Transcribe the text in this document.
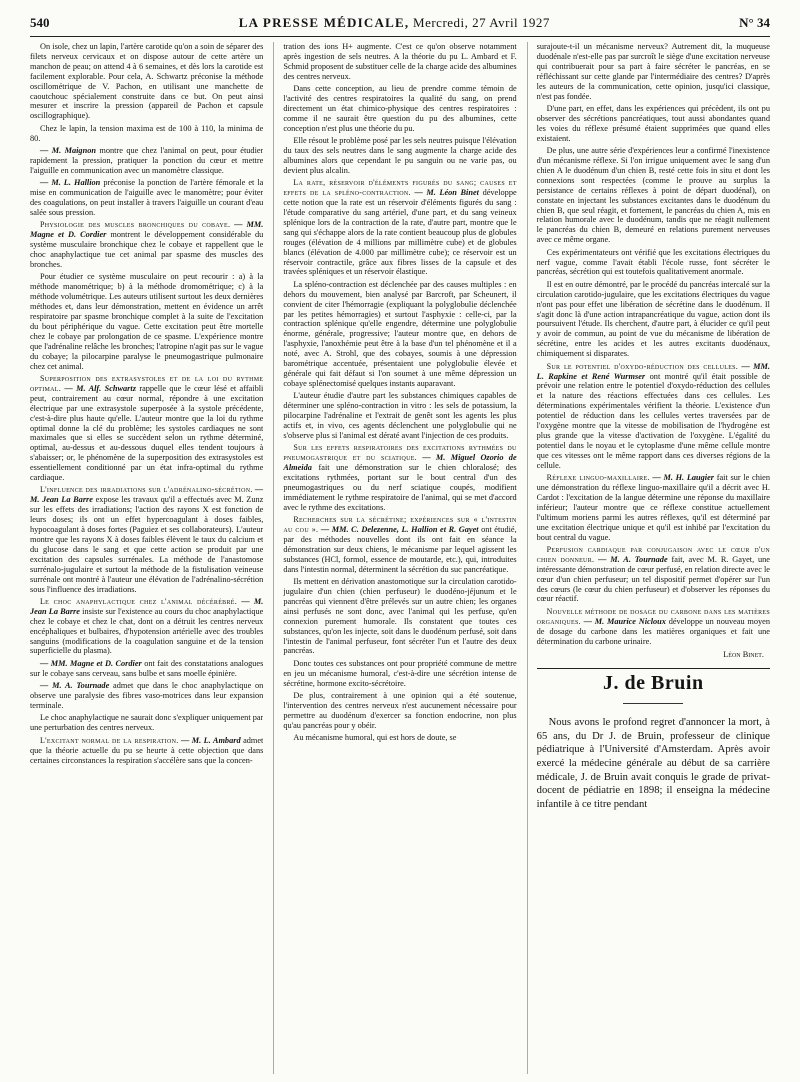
540	LA PRESSE MÉDICALE, Mercredi, 27 Avril 1927	N° 34

On isole, chez un lapin, l'artère carotide qu'on a soin de séparer des filets nerveux cervicaux et on dispose autour de cette artère un manchon de peau; on attend 4 à 6 semaines, et dès lors la carotide est facilement explorable. Pour cela, A. Schwartz préconise la méthode oscillométrique de V. Pachon, en utilisant une manchette de caoutchouc spécialement construite dans ce but. On peut ainsi mesurer et inscrire la pression (appareil de Pachon et capsule oscillographique).

Chez le lapin, la tension maxima est de 100 à 110, la minima de 80.

— M. Maignon montre que chez l'animal on peut, pour étudier rapidement la pression, pratiquer la ponction du cœur et mettre l'aiguille en communication avec un manomètre classique.

— M. L. Hallion préconise la ponction de l'artère fémorale et la mise en communication de l'aiguille avec le manomètre; pour éviter des coagulations, on peut installer à travers l'aiguille un courant d'eau salée sous pression.

Physiologie des muscles bronchiques du cobaye. — MM. Magne et D. Cordier montrent le développement considérable du système musculaire bronchique chez le cobaye et rappellent que le choc anaphylactique tue cet animal par spasme des muscles des bronches.

Pour étudier ce système musculaire on peut recourir : a) à la méthode manométrique; b) à la méthode dromométrique; c) à la méthode volumétrique. Les auteurs utilisent surtout les deux dernières méthodes et, dans leur démonstration, mettent en évidence un arrêt respiratoire par spasme bronchique complet à la suite de l'excitation du bout périphérique du vague. Cette excitation peut être mortelle chez le cobaye par prolongation de ce spasme. L'expérience montre que l'adrénaline relâche les bronches; l'atropine n'agit pas sur le vague du cobaye; la pilocarpine paralyse le pneumogastrique pulmonaire chez cet animal.

Superposition des extrasystoles et de la loi du rythme optimal. — M. Alf. Schwartz rappelle que le cœur lésé et affaibli peut, contrairement au cœur normal, répondre à une excitation électrique par une extrasystole superposée à la systole précédente, c'est-à-dire plus haute qu'elle. L'auteur montre que la loi du rythme optimal donne la clé du problème; les systoles cardiaques ne sont maximales que si elles se succèdent selon un rythme déterminé, optimal, au-dessus et au-dessous duquel elles tendent toujours à s'abaisser; or, le phénomène de la superposition des extrasystoles est essentiellement conditionné par un état infra-optimal du rythme cardiaque.

L'influence des irradiations sur l'adrénalino-sécrétion. — M. Jean La Barre expose les travaux qu'il a effectués avec M. Zunz sur les effets des irradiations; l'action des rayons X est fonction de leurs doses; ils ont un effet hypercoagulant à doses faibles, hypocoagulant à doses fortes (Paguiez et ses collaborateurs). L'auteur montre que les rayons X à doses faibles élèvent le taux du calcium et du glucose dans le sang et que cette action se produit par une excitation des capsules surrénales. La méthode de l'anastomose surrénalo-jugulaire et surtout la méthode de la fistulisation veineuse surrénale ont montré à l'auteur une élévation de l'adrénalino-sécrétion sous l'influence des irradiations.

Le choc anaphylactique chez l'animal décérébré. — M. Jean La Barre insiste sur l'existence au cours du choc anaphylactique chez le cobaye et chez le chat, dont on a détruit les centres nerveux encéphaliques et bulbaires, d'hypotension artérielle avec des troubles sanguins (modifications de la coagulation sanguine et de la tension superficielle du plasma).

— MM. Magne et D. Cordier ont fait des constatations analogues sur le cobaye sans cerveau, sans bulbe et sans moelle épinière.

— M. A. Tournade admet que dans le choc anaphylactique on observe une paralysie des fibres vaso-motrices dans leur expansion terminale.

Le choc anaphylactique ne saurait donc s'expliquer uniquement par une perturbation des centres nerveux.

L'excitant normal de la respiration. — M. L. Ambard admet que la théorie actuelle du pu se heurte à cette objection que dans certaines circonstances la respiration s'accélère sans que la concen-

tration des ions H+ augmente. C'est ce qu'on observe notamment après ingestion de sels neutres. A la théorie du pu L. Ambard et F. Schmid proposent de substituer celle de la charge acide des albumines des centres nerveux.

Dans cette conception, au lieu de prendre comme témoin de l'activité des centres respiratoires la qualité du sang, on prend directement un état chimico-physique des centres respiratoires : comme il ne saurait être question du pu des albumines, cette conception n'est plus une théorie du pu.

Elle résout le problème posé par les sels neutres puisque l'élévation du taux des sels neutres dans le sang augmente la charge acide des albumines alors que cependant le pu sanguin ou ne varie pas, ou devient plus alcalin.

La rate, réservoir d'éléments figurés du sang; causes et effets de la spléno-contraction. — M. Léon Binet développe cette notion que la rate est un réservoir d'éléments figurés du sang : l'étude comparative du sang artériel, d'une part, et du sang veineux splénique lors de la contraction de la rate, d'autre part, montre que le sang qui s'échappe alors de la rate contient beaucoup plus de globules rouges (élévation de 4 millions par millimètre cube) et de globules blancs (élévation de 4.000 par millimètre cube); ce réservoir est un réservoir contractile, grâce aux fibres lisses de la capsule et des travées spléniques et un réservoir élastique.

La spléno-contraction est déclenchée par des causes multiples : en dehors du mouvement, bien analysé par Barcroft, par Scheunert, il convient de citer l'hémorragie (expliquant la polyglobulie déclenchée par les petites hémorragies) et surtout l'asphyxie : celle-ci, par la contraction splénique qu'elle engendre, détermine une polyglobulie énorme, générale, progressive; l'auteur montre que, en dehors de l'asphyxie, l'anoxhémie peut être à la base d'un tel phénomène et il a noté, avec A. Strohl, que des cobayes, soumis à une dépression barométrique accentuée, présentaient une polyglobulie élevée et générale qui fait défaut si l'on soumet à une même dépression un cobaye splénectomisé quelques instants auparavant.

L'auteur étudie d'autre part les substances chimiques capables de déterminer une spléno-contraction in vitro : les sels de potassium, la pilocarpine l'adrénaline et l'extrait de genêt sont les agents les plus actifs et, in vivo, ces agents déclenchent une polyglobulie qui ne s'observe plus si l'animal est dératé avant l'injection de ces produits.

Sur les effets respiratoires des excitations rythmées du pneumogastrique et du sciatique. — M. Miguel Ozorio de Almeida fait une démonstration sur le chien chloralosé; des excitations rythmées, portant sur le bout central d'un des pneumogastriques ou du nerf sciatique coupés, modifient immédiatement le rythme respiratoire de l'animal, qui se met d'accord avec le rythme des excitations.

Recherches sur la sécrétine; expériences sur « l'intestin au cou ». — MM. C. Delezenne, L. Hallion et R. Gayet ont étudié, par des méthodes nouvelles dont ils ont fait en séance la démonstration sur deux chiens, le mécanisme par lequel agissent les substances (HCl, formol, essence de moutarde, etc.), qui, introduites dans l'intestin normal, déterminent la sécrétion du suc pancréatique.

Ils mettent en dérivation anastomotique sur la circulation carotido-jugulaire d'un chien (chien perfuseur) le duodéno-jéjunum et le pancréas qui viennent d'être prélevés sur un autre chien; les organes ainsi perfusés ne sont donc, avec l'animal qui les perfuse, qu'en connexion purement humorale. Ils constatent que toutes ces substances, qu'on les injecte, soit dans le duodénum perfusé, soit dans l'intestin de l'animal perfuseur, font sécréter l'un et l'autre des deux pancréas.

Donc toutes ces substances ont pour propriété commune de mettre en jeu un mécanisme humoral, c'est-à-dire une sécrétion intense de sécrétine, hormone excito-sécrétoire.

De plus, contrairement à une opinion qui a été soutenue, l'intervention des centres nerveux n'est aucunement nécessaire pour permettre au duodénum d'exercer sa fonction endocrine, non plus qu'au pancréas pour y obéir.

Au mécanisme humoral, qui est hors de doute, se

surajoute-t-il un mécanisme nerveux? Autrement dit, la muqueuse duodénale n'est-elle pas par surcroît le siège d'une excitation nerveuse qui contribuerait pour sa part à faire sécréter le pancréas, en se réfléchissant sur cette glande par l'intermédiaire des centres? D'après les auteurs de la communication, cette opinion, jusqu'ici classique, n'est pas fondée.

D'une part, en effet, dans les expériences qui précèdent, ils ont pu observer des sécrétions pancréatiques, tout aussi abondantes quand les voies du réflexe présumé étaient supprimées que quand elles existaient.

De plus, une autre série d'expériences leur a confirmé l'inexistence d'un mécanisme réflexe. Si l'on irrigue uniquement avec le sang d'un chien A le duodénum d'un chien B, resté cette fois in situ et dont les connexions sont respectées (comme le prouve au surplus la persistance de certains réflexes à point de départ duodénal), on constate en injectant les substances excitantes dans le duodénum du chien B, que seul réagit, et fortement, le pancréas du chien A, mis en relation humorale avec le duodénum, tandis que ne réagit nullement le pancréas du chien B, demeuré en relations purement nerveuses avec ce même organe.

Ces expérimentateurs ont vérifié que les excitations électriques du nerf vague, comme l'avait établi l'école russe, font sécréter le pancréas, sécrétion qui est toutefois qualitativement anormale.

Il est en outre démontré, par le procédé du pancréas intercalé sur la circulation carotido-jugulaire, que les excitations électriques du vague n'ont pas pour effet une libération de sécrétine dans le duodénum. Il s'agit donc là d'une action intrapancréatique du vague, action dont ils poursuivent l'étude. Ils cherchent, d'autre part, à élucider ce qu'il peut y avoir de commun, au point de vue du mécanisme de libération de sécrétine, entre les acides et les autres excitants duodénaux, chimiquement si disparates.

Sur le potentiel d'oxydo-réduction des cellules. — MM. L. Rapkine et René Wurmser ont montré qu'il était possible de prévoir une relation entre le potentiel d'oxydo-réduction des cellules et la nature des réactions effectuées dans ces cellules. Les déterminations expérimentales vérifient la théorie. L'existence d'un potentiel de réduction dans les cellules vertes traversées par de l'oxygène montre que la vitesse de mobilisation de l'hydrogène est plus grande que la vitesse d'activation de l'oxygène. L'égalité du potentiel dans le noyau et le cytoplasme d'une même cellule montre que ces vitesses ont le même rapport dans ces diverses régions de la cellule.

Réflexe linguo-maxillaire. — M. H. Laugier fait sur le chien une démonstration du réflexe linguo-maxillaire qu'il a décrit avec H. Cardot : l'excitation de la langue détermine une réponse du maxillaire inférieur; l'auteur montre que ce réflexe constitue actuellement l'ultimum moriens parmi les autres réflexes, qu'il est déterminé par une excitation électrique unique et qu'il est inhibé par l'excitation du bout central du vague.

Perfusion cardiaque par conjugaison avec le cœur d'un chien donneur. — M. A. Tournade fait, avec M. R. Gayet, une intéressante démonstration de cœur perfusé, en relation directe avec le cœur d'un chien perfuseur; un tel dispositif permet d'opérer sur l'un des cœurs (le cœur du chien perfuseur) et d'observer les réponses du cœur réactif.

Nouvelle méthode de dosage du carbone dans les matières organiques. — M. Maurice Nicloux développe un nouveau moyen de dosage du carbone dans les matières organiques et fait une détermination du carbone urinaire.

Léon Binet.
J. de Bruin

Nous avons le profond regret d'annoncer la mort, à 65 ans, du Dr J. de Bruin, professeur de clinique pédiatrique à l'Université d'Amsterdam. Après avoir exercé la médecine générale au début de sa carrière médicale, J. de Bruin avait conquis le grade de privat-docent de pédiatrie en 1898; il enseigna la médecine infantile à ce titre pendant
